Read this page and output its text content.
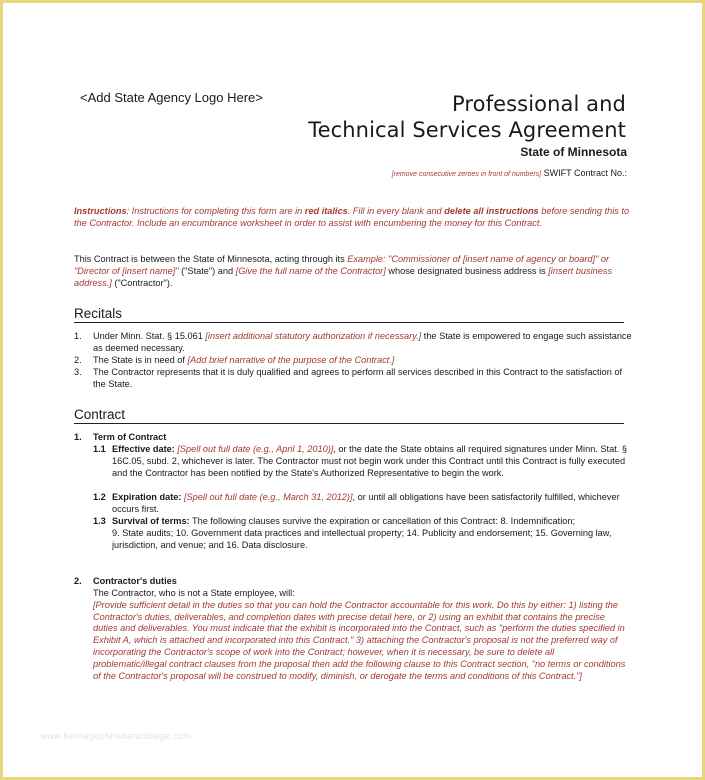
<Add State Agency Logo Here>	Professional and
Technical Services Agreement
State of Minnesota
[remove consecutive zeroes in front of numbers] SWIFT Contract No.:
Instructions: Instructions for completing this form are in red italics. Fill in every blank and delete all instructions before sending this to the Contractor. Include an encumbrance worksheet in order to assist with encumbering the money for this Contract.
This Contract is between the State of Minnesota, acting through its Example: "Commissioner of [insert name of agency or board]" or "Director of [insert name]" ("State") and [Give the full name of the Contractor] whose designated business address is [insert business address.] ("Contractor").
Recitals
1. Under Minn. Stat. § 15.061 [insert additional statutory authorization if necessary.] the State is empowered to engage such assistance as deemed necessary.
2. The State is in need of [Add brief narrative of the purpose of the Contract.]
3. The Contractor represents that it is duly qualified and agrees to perform all services described in this Contract to the satisfaction of the State.
Contract
1. Term of Contract
1.1 Effective date: [Spell out full date (e.g., April 1, 2010)], or the date the State obtains all required signatures under Minn. Stat. § 16C.05, subd. 2, whichever is later. The Contractor must not begin work under this Contract until this Contract is fully executed and the Contractor has been notified by the State's Authorized Representative to begin the work.
1.2 Expiration date: [Spell out full date (e.g., March 31, 2012)], or until all obligations have been satisfactorily fulfilled, whichever occurs first.
1.3 Survival of terms: The following clauses survive the expiration or cancellation of this Contract: 8. Indemnification;
9. State audits; 10. Government data practices and intellectual property; 14. Publicity and endorsement; 15. Governing law, jurisdiction, and venue; and 16. Data disclosure.
2. Contractor's duties
The Contractor, who is not a State employee, will:
[Provide sufficient detail in the duties so that you can hold the Contractor accountable for this work. Do this by either: 1) listing the Contractor's duties, deliverables, and completion dates with precise detail here, or 2) using an exhibit that contains the precise duties and deliverables. You must indicate that the exhibit is incorporated into the Contract, such as "perform the duties specified in Exhibit A, which is attached and incorporated into this Contract." 3) attaching the Contractor's proposal is not the preferred way of incorporating the Contractor's scope of work into the Contract; however, when it is necessary, be sure to delete all problematic/illegal contract clauses from the proposal then add the following clause to this Contract section, "no terms or conditions of the Contractor's proposal will be construed to modify, diminish, or derogate the terms and conditions of this Contract."]
www.heritagechristiancollege.com
